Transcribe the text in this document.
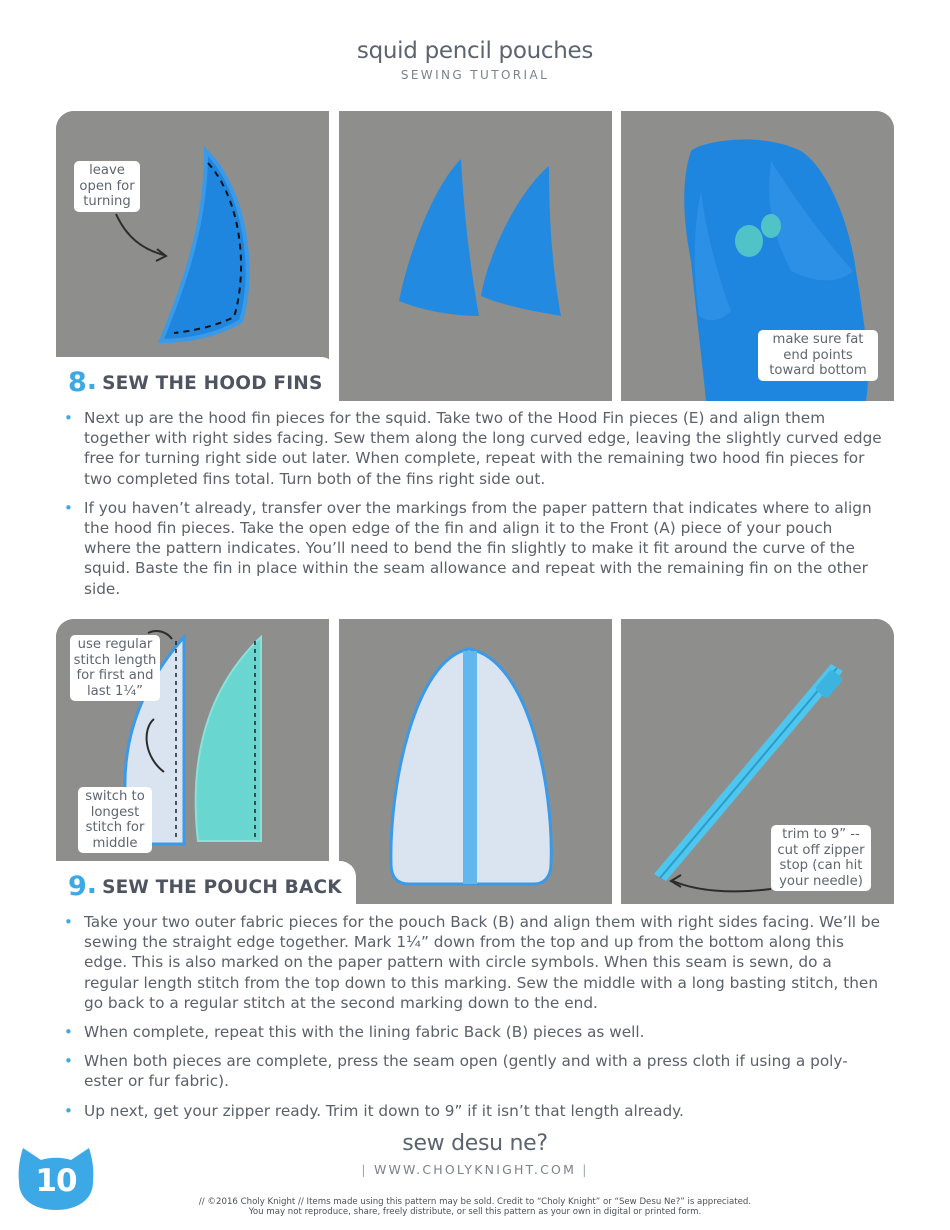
squid pencil pouches
SEWING TUTORIAL
leave open for turning
make sure fat end points toward bottom
8. SEW THE HOOD FINS
• Next up are the hood fin pieces for the squid. Take two of the Hood Fin pieces (E) and align them together with right sides facing. Sew them along the long curved edge, leaving the slightly curved edge free for turning right side out later. When complete, repeat with the remaining two hood fin pieces for two completed fins total. Turn both of the fins right side out.
• If you haven’t already, transfer over the markings from the paper pattern that indicates where to align the hood fin pieces. Take the open edge of the fin and align it to the Front (A) piece of your pouch where the pattern indicates. You’ll need to bend the fin slightly to make it fit around the curve of the squid. Baste the fin in place within the seam allowance and repeat with the remaining fin on the other side.
use regular stitch length for first and last 1¼”
switch to longest stitch for middle
trim to 9” -- cut off zipper stop (can hit your needle)
9. SEW THE POUCH BACK
• Take your two outer fabric pieces for the pouch Back (B) and align them with right sides facing. We’ll be sewing the straight edge together. Mark 1¼” down from the top and up from the bottom along this edge. This is also marked on the paper pattern with circle symbols. When this seam is sewn, do a regular length stitch from the top down to this marking. Sew the middle with a long basting stitch, then go back to a regular stitch at the second marking down to the end.
• When complete, repeat this with the lining fabric Back (B) pieces as well.
• When both pieces are complete, press the seam open (gently and with a press cloth if using a poly-ester or fur fabric).
• Up next, get your zipper ready. Trim it down to 9” if it isn’t that length already.
10
sew desu ne?
| WWW.CHOLYKNIGHT.COM |
// ©2016 Choly Knight // Items made using this pattern may be sold. Credit to “Choly Knight” or “Sew Desu Ne?” is appreciated.
You may not reproduce, share, freely distribute, or sell this pattern as your own in digital or printed form.
